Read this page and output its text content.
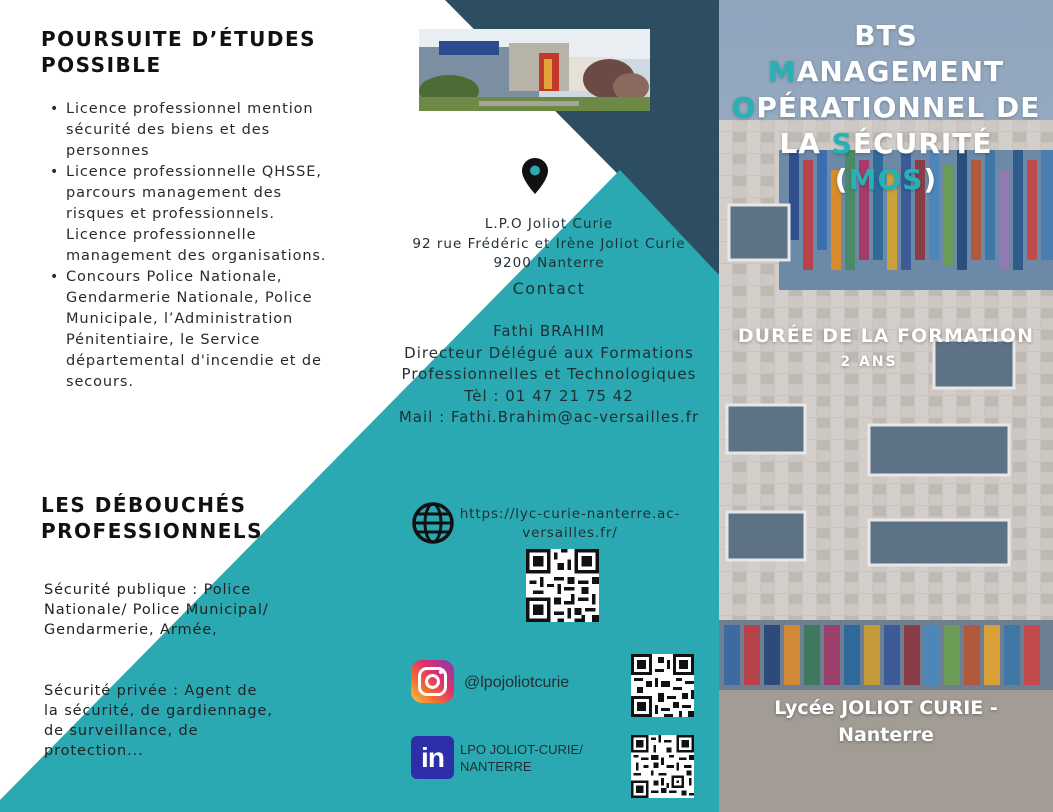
POURSUITE D’ÉTUDES POSSIBLE
• Licence professionnel mention sécurité des biens et des personnes
• Licence professionnelle QHSSE, parcours management des risques et professionnels. Licence professionnelle management des organisations.
• Concours Police Nationale, Gendarmerie Nationale, Police Municipale, l’Administration Pénitentiaire, le Service départemental d'incendie et de secours.
LES DÉBOUCHÉS PROFESSIONNELS
Sécurité publique : Police Nationale/ Police Municipal/ Gendarmerie, Armée,
Sécurité privée : Agent de la sécurité, de gardiennage, de surveillance, de protection...
L.P.O Joliot Curie
92 rue Frédéric et Irène Joliot Curie
9200 Nanterre
Contact
Fathi BRAHIM
Directeur Délégué aux Formations
Professionnelles et Technologiques
Tèl : 01 47 21 75 42
Mail : Fathi.Brahim@ac-versailles.fr
https://lyc-curie-nanterre.ac-versailles.fr/
@lpojoliotcurie
in	LPO JOLIOT-CURIE/ NANTERRE
BTS
MANAGEMENT
OPÉRATIONNEL DE
LA SÉCURITÉ
(MOS)
DURÉE DE LA FORMATION
2 ANS
Lycée JOLIOT CURIE -
Nanterre
